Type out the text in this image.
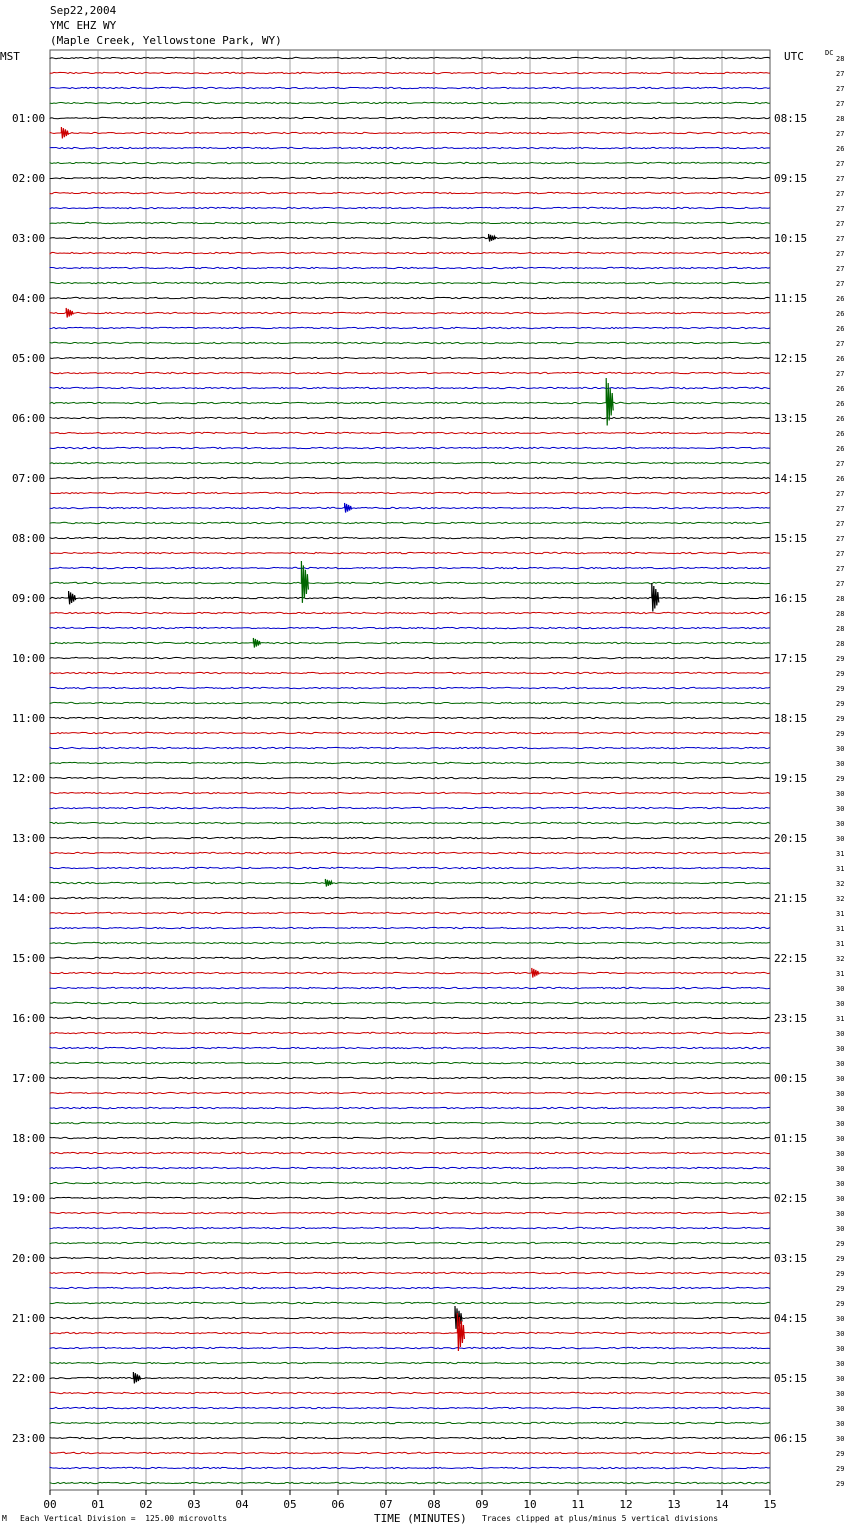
Sep22,2004
YMC EHZ WY
(Maple Creek, Yellowstone Park, WY)
MST	UTC	DC
01:00	08:15
02:00	09:15
03:00	10:15
04:00	11:15
05:00	12:15
06:00	13:15
07:00	14:15
08:00	15:15
09:00	16:15
10:00	17:15
11:00	18:15
12:00	19:15
13:00	20:15
14:00	21:15
15:00	22:15
16:00	23:15
17:00	00:15
18:00	01:15
19:00	02:15
20:00	03:15
21:00	04:15
22:00	05:15
23:00	06:15
28
27
27
27
28
27
26
27
27
27
27
27
27
27
27
27
26
26
26
27
26
27
26
26
26
26
26
27
26
27
27
27
27
27
27
27
28
28
28
28
29
29
29
29
29
29
30
30
29
30
30
30
30
31
31
32
32
31
31
31
32
31
30
30
31
30
30
30
30
30
30
30
30
30
30
30
30
30
30
29
29
29
29
29
30
30
30
30
30
30
30
30
30
29
29
29
00	01	02	03	04	05	06	07	08	09	10	11	12	13	14	15
M Each Vertical Division =  125.00 microvolts	TIME (MINUTES) Traces clipped at plus/minus 5 vertical divisions
